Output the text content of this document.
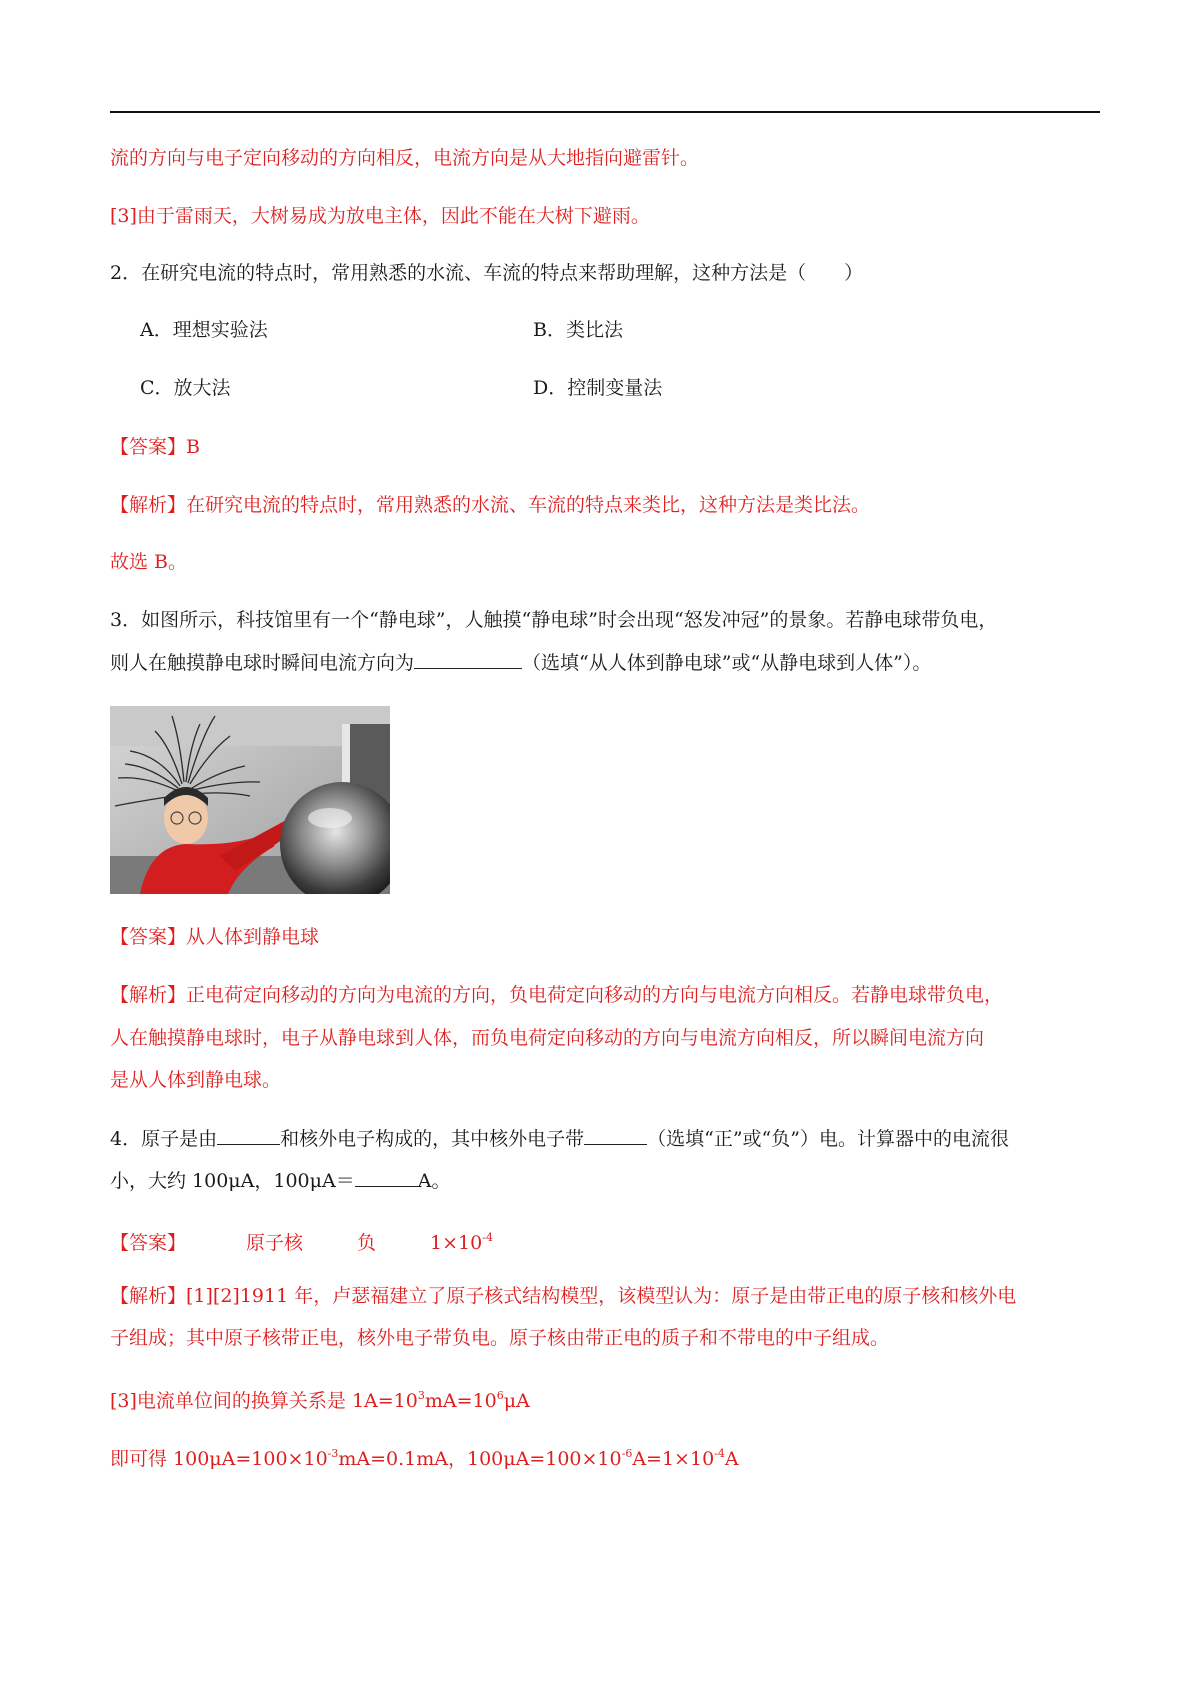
流的方向与电子定向移动的方向相反，电流方向是从大地指向避雷针。
[3]由于雷雨天，大树易成为放电主体，因此不能在大树下避雨。
2．在研究电流的特点时，常用熟悉的水流、车流的特点来帮助理解，这种方法是（　　）
A．理想实验法	B．类比法
C．放大法	D．控制变量法
【答案】B
【解析】在研究电流的特点时，常用熟悉的水流、车流的特点来类比，这种方法是类比法。
故选 B。
3．如图所示，科技馆里有一个“静电球”，人触摸“静电球”时会出现“怒发冲冠”的景象。若静电球带负电，
则人在触摸静电球时瞬间电流方向为	（选填“从人体到静电球”或“从静电球到人体”）。
【答案】从人体到静电球
【解析】正电荷定向移动的方向为电流的方向，负电荷定向移动的方向与电流方向相反。若静电球带负电，
人在触摸静电球时，电子从静电球到人体，而负电荷定向移动的方向与电流方向相反，所以瞬间电流方向
是从人体到静电球。
4．原子是由	和核外电子构成的，其中核外电子带	（选填“正”或“负”）电。计算器中的电流很
小，大约 100μA，100μA＝	A。
【答案】	原子核	负	$1\times 10^{-4}$
【解析】[1][2]1911 年，卢瑟福建立了原子核式结构模型，该模型认为：原子是由带正电的原子核和核外电
子组成；其中原子核带正电，核外电子带负电。原子核由带正电的质子和不带电的中子组成。
[3]电流单位间的换算关系是 $1A=10^3mA=10^6\mu A$
即可得 $100\mu A=100\times 10^{-3}mA=0.1mA$，$100\mu A=100\times 10^{-6}A=1\times 10^{-4}A$
